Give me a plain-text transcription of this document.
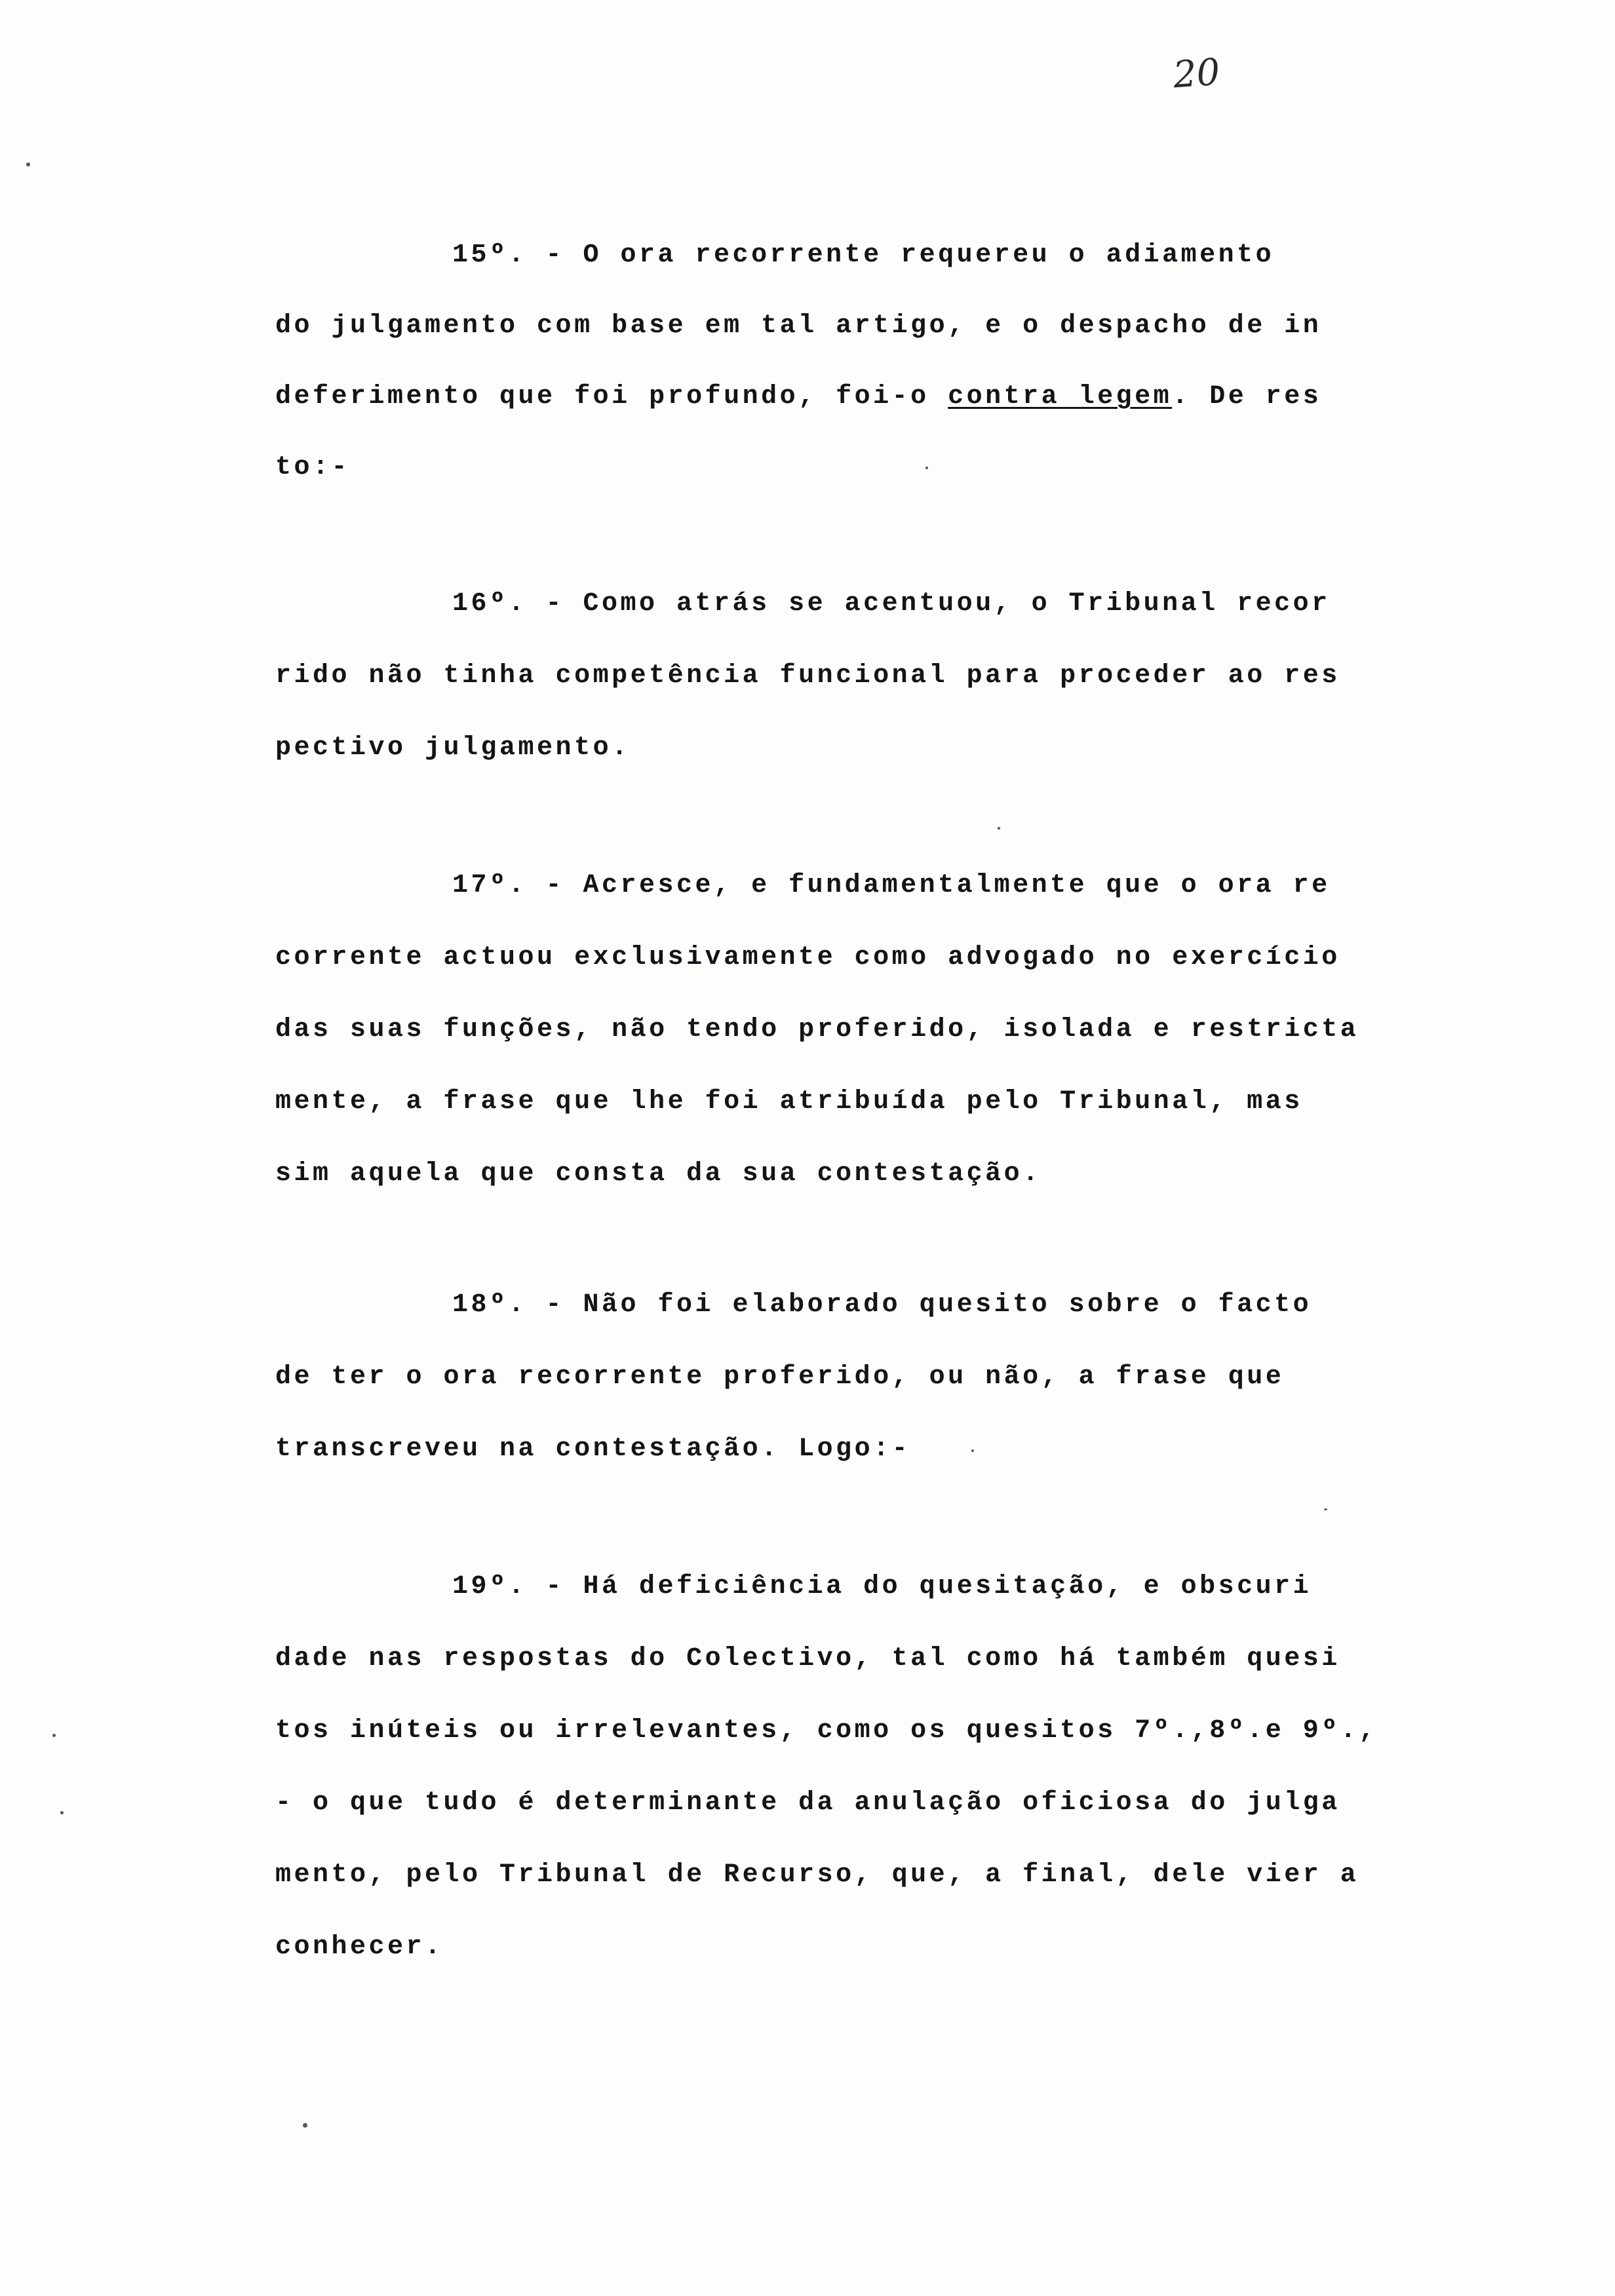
20
15º. - O ora recorrente requereu o adiamento
do julgamento com base em tal artigo, e o despacho de in
deferimento que foi profundo, foi-o contra legem. De res
to:-
16º. - Como atrás se acentuou, o Tribunal recor
rido não tinha competência funcional para proceder ao res
pectivo julgamento.
17º. - Acresce, e fundamentalmente que o ora re
corrente actuou exclusivamente como advogado no exercício
das suas funções, não tendo proferido, isolada e restricta
mente, a frase que lhe foi atribuída pelo Tribunal, mas
sim aquela que consta da sua contestação.
18º. - Não foi elaborado quesito sobre o facto
de ter o ora recorrente proferido, ou não, a frase que
transcreveu na contestação. Logo:-
19º. - Há deficiência do quesitação, e obscuri
dade nas respostas do Colectivo, tal como há também quesi
tos inúteis ou irrelevantes, como os quesitos 7º.,8º.e 9º.,
- o que tudo é determinante da anulação oficiosa do julga
mento, pelo Tribunal de Recurso, que, a final, dele vier a
conhecer.
